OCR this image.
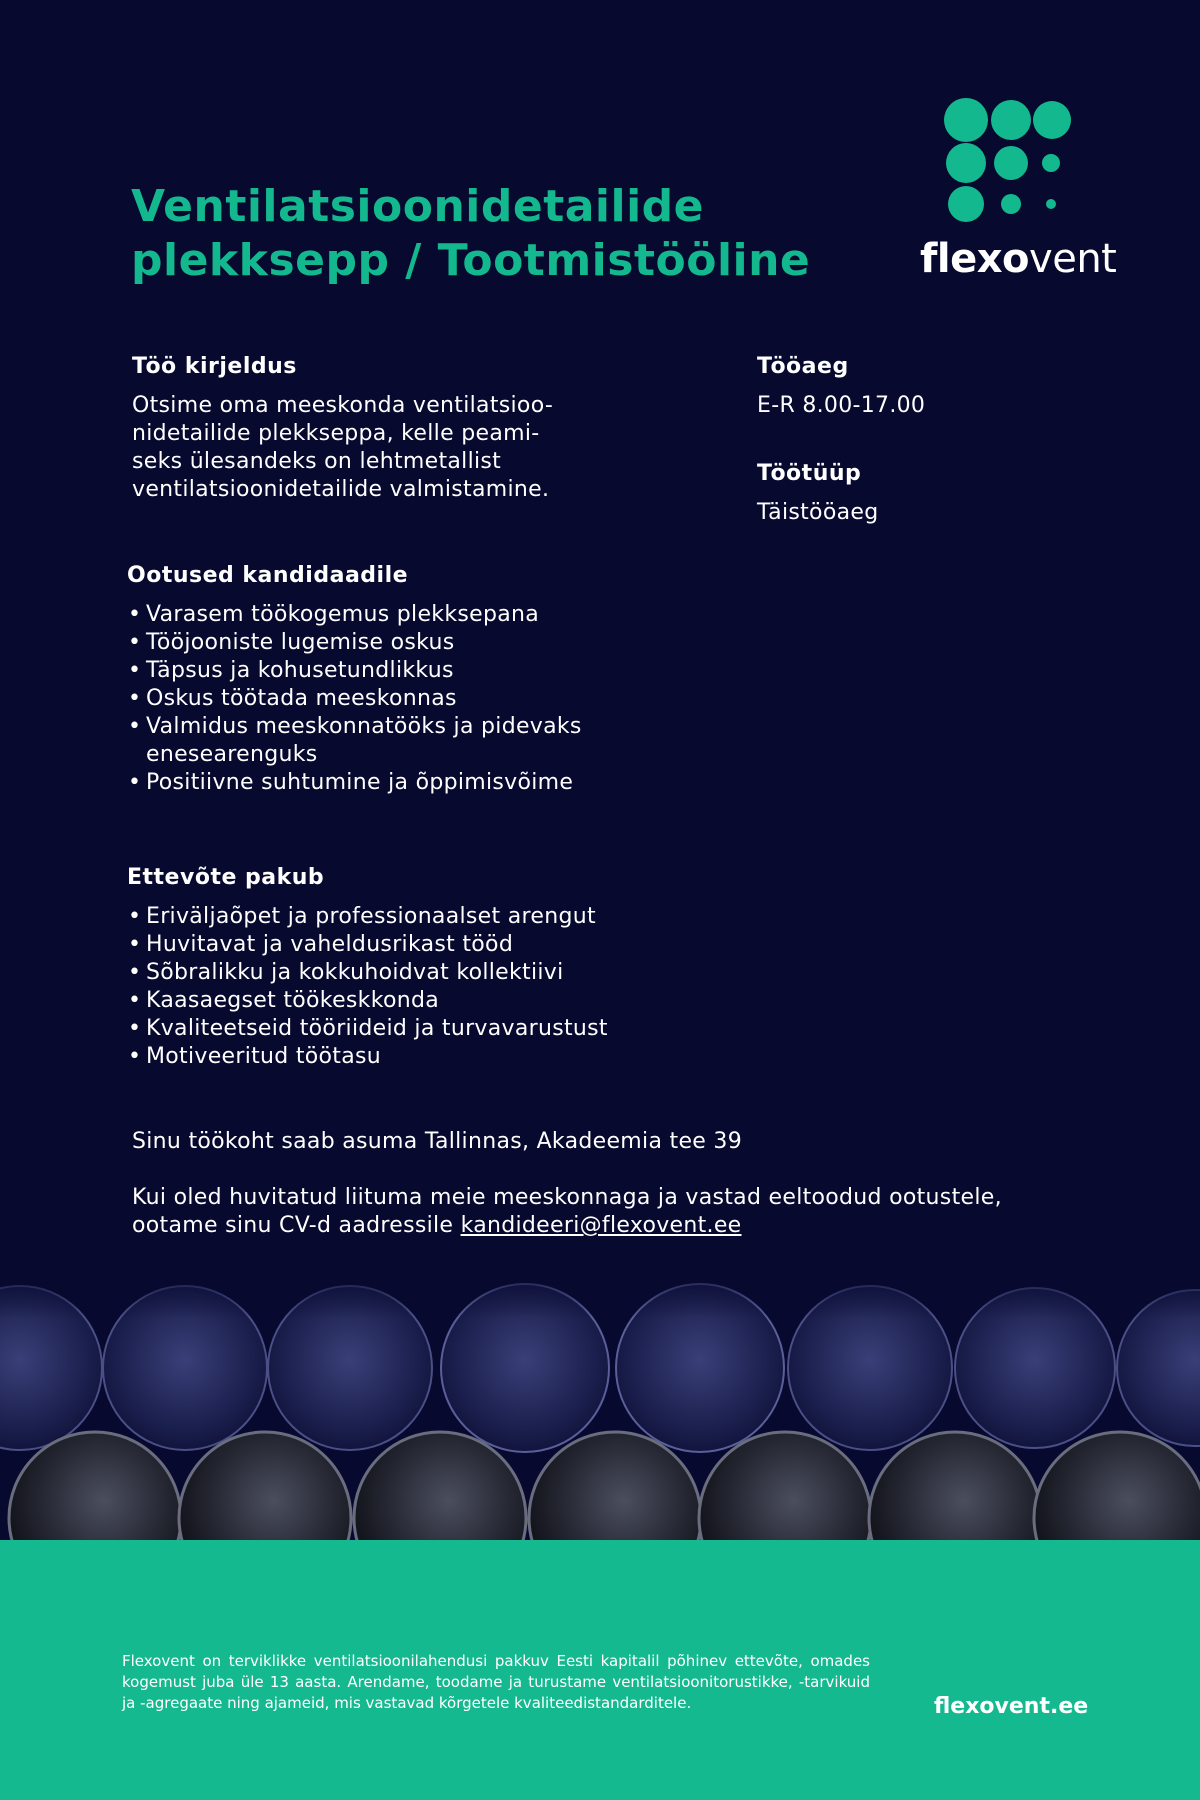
Ventilatsioonidetailide
plekksepp / Tootmistööline	flexovent
Töö kirjeldus

Otsime oma meeskonda ventilatsioo-
nidetailide plekkseppa, kelle peami-
seks ülesandeks on lehtmetallist
ventilatsioonidetailide valmistamine.

Tööaeg

E-R 8.00-17.00

Töötüüp

Täistööaeg

Ootused kandidaadile
• Varasem töökogemus plekksepana
• Tööjooniste lugemise oskus
• Täpsus ja kohusetundlikkus
• Oskus töötada meeskonnas
• Valmidus meeskonnatööks ja pidevaks enesearenguks
• Positiivne suhtumine ja õppimisvõime
Ettevõte pakub
• Eriväljaõpet ja professionaalset arengut
• Huvitavat ja vaheldusrikast tööd
• Sõbralikku ja kokkuhoidvat kollektiivi
• Kaasaegset töökeskkonda
• Kvaliteetseid tööriideid ja turvavarustust
• Motiveeritud töötasu

Sinu töökoht saab asuma Tallinnas, Akadeemia tee 39

Kui oled huvitatud liituma meie meeskonnaga ja vastad eeltoodud ootustele,
ootame sinu CV-d aadressile kandideeri@flexovent.ee

Flexovent on terviklikke ventilatsioonilahendusi pakkuv Eesti kapitalil põhinev ettevõte, omades kogemust juba üle 13 aasta. Arendame, toodame ja turustame ventilatsioonitorustikke, -tarvikuid ja -agregaate ning ajameid, mis vastavad kõrgetele kvaliteedistandarditele.	flexovent.ee
